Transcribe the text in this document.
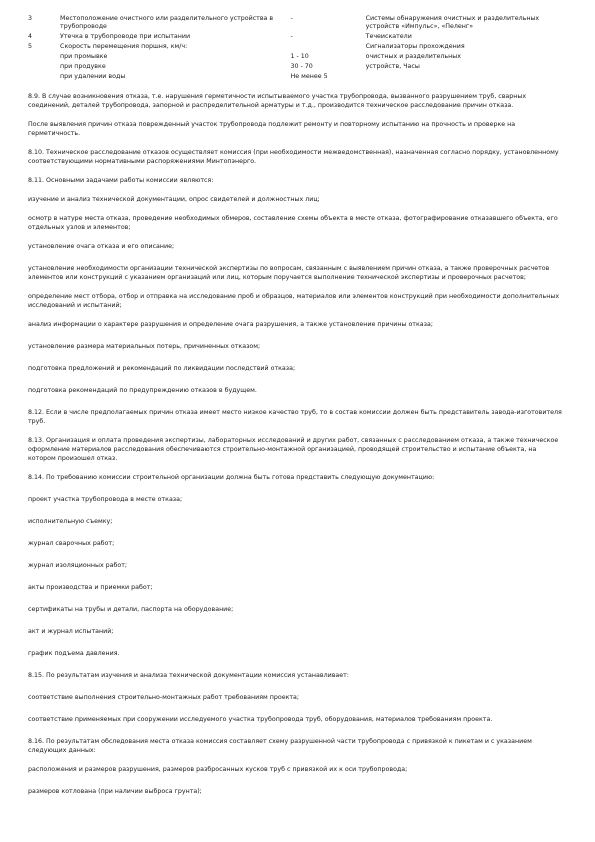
3	Местоположение очистного или разделительного устройства в трубопроводе	-	Системы обнаружения очистных и разделительных устройств «Импульс», «Пеленг»
4	Утечка в трубопроводе при испытании	-	Течеискатели
5	Скорость перемещения поршня, км/ч:		Сигнализаторы прохождения
	при промывке	1 - 10	очистных и разделительных
	при продувке	30 - 70	устройств, Часы
	при удалении воды	Не менее 5	

8.9. В случае возникновения отказа, т.е. нарушения герметичности испытываемого участка трубопровода, вызванного разрушением труб, сварных соединений, деталей трубопровода, запорной и распределительной арматуры и т.д., производится техническое расследование причин отказа.

После выявления причин отказа поврежденный участок трубопровода подлежит ремонту и повторному испытанию на прочность и проверке на герметичность.

8.10. Техническое расследование отказов осуществляет комиссия (при необходимости межведомственная), назначенная согласно порядку, установленному соответствующими нормативными распоряжениями Минтопэнерго.

8.11. Основными задачами работы комиссии являются:

изучение и анализ технической документации, опрос свидетелей и должностных лиц;

осмотр в натуре места отказа, проведение необходимых обмеров, составление схемы объекта в месте отказа, фотографирование отказавшего объекта, его отдельных узлов и элементов;

установление очага отказа и его описание;

установление необходимости организации технической экспертизы по вопросам, связанным с выявлением причин отказа, а также проверочных расчетов элементов или конструкций с указанием организаций или лиц, которым поручается выполнение технической экспертизы и проверочных расчетов;

определение мест отбора, отбор и отправка на исследование проб и образцов, материалов или элементов конструкций при необходимости дополнительных исследований и испытаний;

анализ информации о характере разрушения и определение очага разрушения, а также установление причины отказа;

установление размера материальных потерь, причиненных отказом;

подготовка предложений и рекомендаций по ликвидации последствий отказа;

подготовка рекомендаций по предупреждению отказов в будущем.

8.12. Если в числе предполагаемых причин отказа имеет место низкое качество труб, то в состав комиссии должен быть представитель завода-изготовителя труб.

8.13. Организация и оплата проведения экспертизы, лабораторных исследований и других работ, связанных с расследованием отказа, а также техническое оформление материалов расследования обеспечиваются строительно-монтажной организацией, проводящей строительство и испытание объекта, на котором произошел отказ.

8.14. По требованию комиссии строительной организации должна быть готова представить следующую документацию:

проект участка трубопровода в месте отказа;

исполнительную съемку;

журнал сварочных работ;

журнал изоляционных работ;

акты производства и приемки работ;

сертификаты на трубы и детали, паспорта на оборудование;

акт и журнал испытаний;

график подъема давления.

8.15. По результатам изучения и анализа технической документации комиссия устанавливает:

соответствие выполнения строительно-монтажных работ требованиям проекта;

соответствие применяемых при сооружении исследуемого участка трубопровода труб, оборудования, материалов требованиям проекта.

8.16. По результатам обследования места отказа комиссия составляет схему разрушенной части трубопровода с привязкой к пикетам и с указанием следующих данных:

расположения и размеров разрушения, размеров разбросанных кусков труб с привязкой их к оси трубопровода;

размеров котлована (при наличии выброса грунта);
